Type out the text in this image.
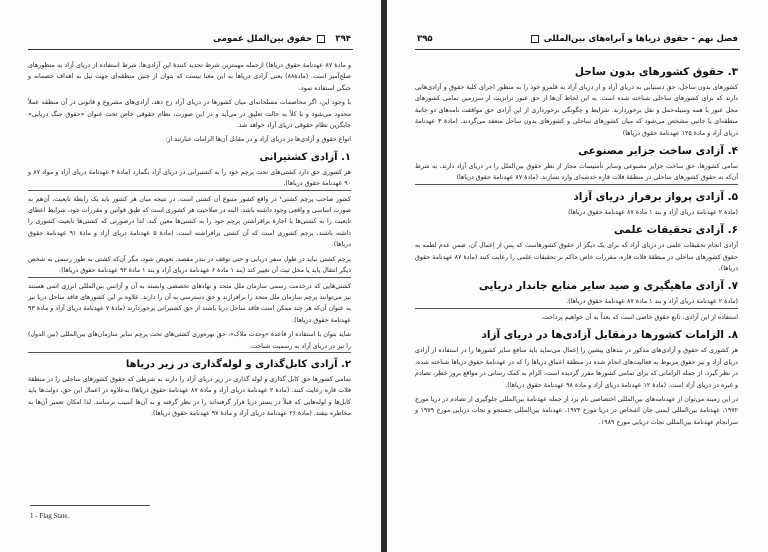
۳۹۴
حقوق بین‌الملل عمومی

و مادۀ ۸۷ عهدنامۀ حقوق دریاها) ازجمله مهمترین شرط تحدید کنندۀ این آزادی‌ها، شرط استفاده از دریای آزاد به منظورهای صلح‌آمیز است. (مادۀ۸۸) یعنی آزادی دریاها به این معنا نیست که بتوان از چنین منطقه‌ای جهت نیل به اهداف خصمانه و جنگی استفاده نمود.

با وجود این، اگر مخاصمات مسلحانه‌ای میان کشورها در دریای آزاد رخ دهد، آزادی‌های مشروع و قانونی در آن منطقه عملاً محدود می‌شود و یا کلاً به حالت تعلیق در می‌آید و در این صورت، نظام حقوقی خاص تحت عنوان «حقوق جنگ دریایی» جایگزین نظام حقوقی دریای آزاد خواهد شد.

انواع حقوق و آزادی‌ها در دریای آزاد و در مقابل آن‌ها الزامات عبارتند از:

۱. آزادی کشتیرانی

هر کشوری حق دارد کشتی‌های تحت پرچم خود را به کشتیرانی در دریای آزاد بگمارد (مادۀ ۴ عهدنامۀ دریای آزاد و مواد ۸۷ و ۹۰ عهدنامۀ حقوق دریاها).

کشور صاحب پرچم کشتی¹ در واقع کشور متبوع آن کشتی است. در نتیجه میان هر کشور باید یک رابطۀ تابعیت، آن‌هم به صورت اساسی و واقعی وجود داشته باشد. البته در صلاحیت هر کشوری است که طبق قوانین و مقررات خود، شرایط اعطای تابعیت را به کشتی‌ها یا اجازۀ برافراشتن پرچم خود را به کشتی‌ها معین کند. لذا درصورتی که کشتی‌ها تابعیت کشوری را داشته باشند، پرچم کشوری است که آن کشتی برافراشته است. (مادۀ ۵ عهدنامۀ دریای آزاد و مادۀ ۹۱ عهدنامۀ حقوق دریاها).

پرچم کشتی نباید در طول سفر دریایی و حتی توقف در بندر مقصد، تعویض شود، مگر آن‌که کشتی به طور رسمی به شخص دیگر انتقال یابد یا محل ثبت آن تغییر کند (بند ۱ مادۀ ۶ عهدنامۀ دریای آزاد و بند ۱ مادۀ ۹۲ عهدنامۀ حقوق دریاها).

کشتی‌هایی که درخدمت رسمی سازمان ملل متحد و نهادهای تخصصی وابسته به آن و آژانس بین‌المللی انرژی اتمی هستند نیز می‌توانند پرچم سازمان ملل متحد را برافرازند و حق دسترسی به آن را دارند. علاوه بر این کشورهای فاقد ساحل دریا نیز به عنوان آن‌که هر چند ممکن است فاقد ساحل دریا باشند از حق کشتیرانی برخوردارند (مادۀ ۷ عهدنامۀ دریای آزاد و مادۀ ۹۳ عهدنامۀ حقوق دریاها).

شاید بتوان با استفاده از قاعدۀ «وحدت ملاک»، حق بهره‌وری کشتی‌های تحت پرچم سایر سازمان‌های بین‌المللی (بین الدول) را نیز در دریای آزاد به رسمیت شناخت.

۲. آزادی کابل‌گذاری و لوله‌گذاری در زیر دریاها

تمامی کشورها حق کابل گذاری و لوله گذاری در زیر دریای آزاد را دارند به شرطی که حقوق کشورهای ساحلی را در منطقۀ فلات قاره رعایت کنند. (مادۀ ۲ عهدنامۀ دریای آزاد و مادۀ ۸۷ عهدنامۀ حقوق دریاها) به‌علاوه در اعمال این حق، دولت‌ها باید کابل‌ها و لوله‌هایی که قبلاً در بستر دریا قرار گرفته‌اند را در نظر گرفته و به آن‌ها آسیب نرسانند. لذا امکان تعمیر آن‌ها به مخاطره نیفتد. (مادۀ ۲۶ عهدنامۀ دریای آزاد و مادۀ ۹۷ عهدنامۀ حقوق دریاها).

1 - Flag State.
فصل نهم - حقوق دریاها و آبراه‌های بین‌المللی
۳۹۵
۳. حقوق کشورهای بدون ساحل

کشورهای بدون ساحل، حق دستیابی به دریای آزاد و از دریای آزاد به قلمرو خود را به منظور اجرای کلیۀ حقوق و آزادی‌هایی دارند که برای کشورهای ساحلی شناخته شده است. به این لحاظ آن‌ها از حق عبور ترانزیت از سرزمین تمامی کشورهای محل عبور با همه وسیله‌حمل و نقل برخوردارند. شرایط و چگونگی برخورداری از این آزادی حق موافقت نامه‌های دو جانبۀ منطقه‌ای یا جانبی مشخص می‌شود که میان کشورهای ساحلی و کشورهای بدون ساحل منعقد می‌گردند. (مادۀ ۳ عهدنامۀ دریای آزاد و مادۀ ۱۲۵ عهدنامۀ حقوق دریاها)

۴. آزادی ساخت جزایر مصنوعی

تمامی کشورها، حق ساخت جزایر مصنوعی وسایر تأسیسات مجاز از نظر حقوق بین‌الملل را در دریای آزاد دارند، به شرط آن‌که به حقوق کشورهای ساحلی در منطقۀ فلات قاره خدشه‌ای وارد نسازند. (مادۀ ۸۷ عهدنامۀ حقوق دریاها)

۵. آزادی پرواز برفراز دریای آزاد

(مادۀ ۲ عهدنامۀ دریای آزاد و بند ۱ مادۀ ۸۷ عهدنامۀ حقوق دریاها)

۶. آزادی تحقیقات علمی

آزادی انجام تحقیقات علمی در دریای آزاد که برای یک دیگر از حقوق کشورهاست که پس از اِعمال آن، ضمن عدم لطمه به حقوق کشورهای ساحلی در منطقۀ فلات قاره، مقررات خاص حاکم بر تحقیقات علمی را رعایت کنند (مادۀ ۸۷ عهدنامۀ حقوق دریاها).

۷. آزادی ماهیگیری و صید سایر منابع جاندار دریایی

(مادۀ ۲ عهدنامۀ دریای آزاد و بند ۱ مادۀ ۸۷ عهدنامۀ حقوق دریاها).

استفاده از این آزادی، تابع حقوق خاصی است که بعداً به آن خواهیم پرداخت.

۸. الزامات کشورها درمقابل آزادی‌ها در دریای آزاد

هر کشوری که حقوق و آزادی‌های مذکور در بندهای پیشین را اِعمال می‌نماید باید منافع سایر کشورها را در استفاده از آزادی دریای آزاد و نیز حقوق مربوط به فعالیت‌های انجام شده در منطقۀ اعماق دریاها را که در عهدنامۀ حقوق دریاها شناخته شده، در نظر گیرد. از جمله الزاماتی که برای تمامی کشورها مقرر گردیده است، الزام به کمک رسانی در مواقع بروز خطر، تصادم و غیره در دریای آزاد است. (مادۀ ۱۲ عهدنامۀ دریای آزاد و مادۀ ۹۸ عهدنامۀ حقوق دریاها).

در این زمینه می‌توان از عهدنامه‌های بین‌المللی اختصاصی نام برد از جمله عهدنامۀ بین‌المللی جلوگیری از تصادم در دریا مورخ ۱۹۷۲، عهدنامۀ بین‌المللی ایمنی جان اشخاص در دریا مورخ ۱۹۷۴، عهدنامۀ بین‌المللی جستجو و نجات دریایی مورخ ۱۹۷۹ و سرانجام عهدنامۀ بین‌المللی نجات دریایی مورخ ۱۹۸۹.
